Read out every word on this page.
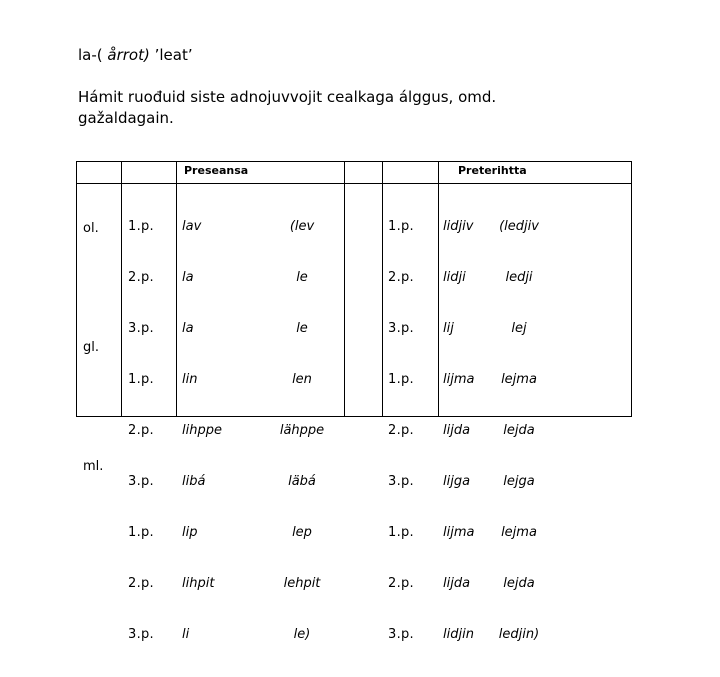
la-( årrot) ’leat’
Hámit ruođuid siste adnojuvvojit cealkaga álggus, omd.
gažaldagain.
Preseansa	Preterihtta

ol.

gl.

ml.

1.p.

2.p.

3.p.

1.p.

2.p.

3.p.

1.p.

2.p.

3.p.

lav

la

la

lin

lihppe

libá

lip

lihpit

li

(lev

le

le

len

lähppe

läbá

lep

lehpit

le)

1.p.

2.p.

3.p.

1.p.

2.p.

3.p.

1.p.

2.p.

3.p.

lidjiv

lidji

lij

lijma

lijda

lijga

lijma

lijda

lidjin

(ledjiv

ledji

lej

lejma

lejda

lejga

lejma

lejda

ledjin)
